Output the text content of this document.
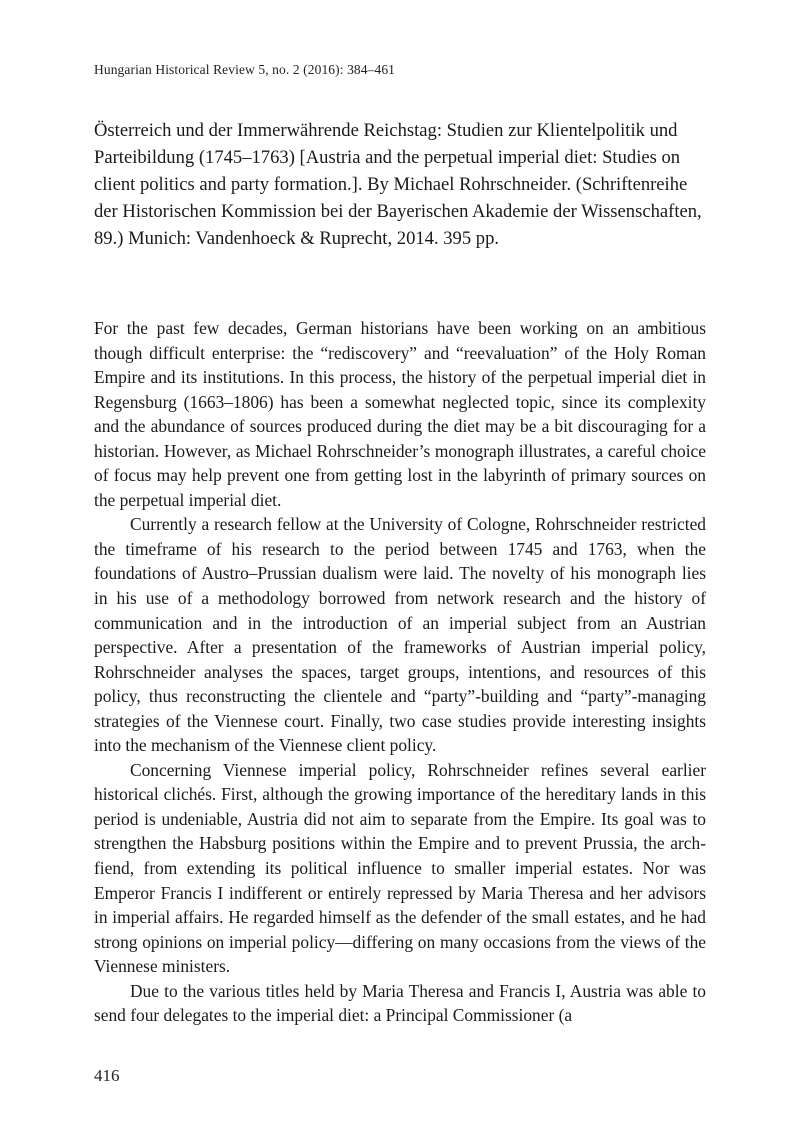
Hungarian Historical Review 5, no. 2 (2016): 384–461
Österreich und der Immerwährende Reichstag: Studien zur Klientelpolitik und Parteibildung (1745–1763) [Austria and the perpetual imperial diet: Studies on client politics and party formation.]. By Michael Rohrschneider. (Schriftenreihe der Historischen Kommission bei der Bayerischen Akademie der Wissenschaften, 89.) Munich: Vandenhoeck & Ruprecht, 2014. 395 pp.

For the past few decades, German historians have been working on an ambitious though difficult enterprise: the “rediscovery” and “reevaluation” of the Holy Roman Empire and its institutions. In this process, the history of the perpetual imperial diet in Regensburg (1663–1806) has been a somewhat neglected topic, since its complexity and the abundance of sources produced during the diet may be a bit discouraging for a historian. However, as Michael Rohrschneider’s monograph illustrates, a careful choice of focus may help prevent one from getting lost in the labyrinth of primary sources on the perpetual imperial diet.

Currently a research fellow at the University of Cologne, Rohrschneider restricted the timeframe of his research to the period between 1745 and 1763, when the foundations of Austro–Prussian dualism were laid. The novelty of his monograph lies in his use of a methodology borrowed from network research and the history of communication and in the introduction of an imperial subject from an Austrian perspective. After a presentation of the frameworks of Austrian imperial policy, Rohrschneider analyses the spaces, target groups, intentions, and resources of this policy, thus reconstructing the clientele and “party”-building and “party”-managing strategies of the Viennese court. Finally, two case studies provide interesting insights into the mechanism of the Viennese client policy.

Concerning Viennese imperial policy, Rohrschneider refines several earlier historical clichés. First, although the growing importance of the hereditary lands in this period is undeniable, Austria did not aim to separate from the Empire. Its goal was to strengthen the Habsburg positions within the Empire and to prevent Prussia, the arch-fiend, from extending its political influence to smaller imperial estates. Nor was Emperor Francis I indifferent or entirely repressed by Maria Theresa and her advisors in imperial affairs. He regarded himself as the defender of the small estates, and he had strong opinions on imperial policy—differing on many occasions from the views of the Viennese ministers.

Due to the various titles held by Maria Theresa and Francis I, Austria was able to send four delegates to the imperial diet: a Principal Commissioner (a

416
